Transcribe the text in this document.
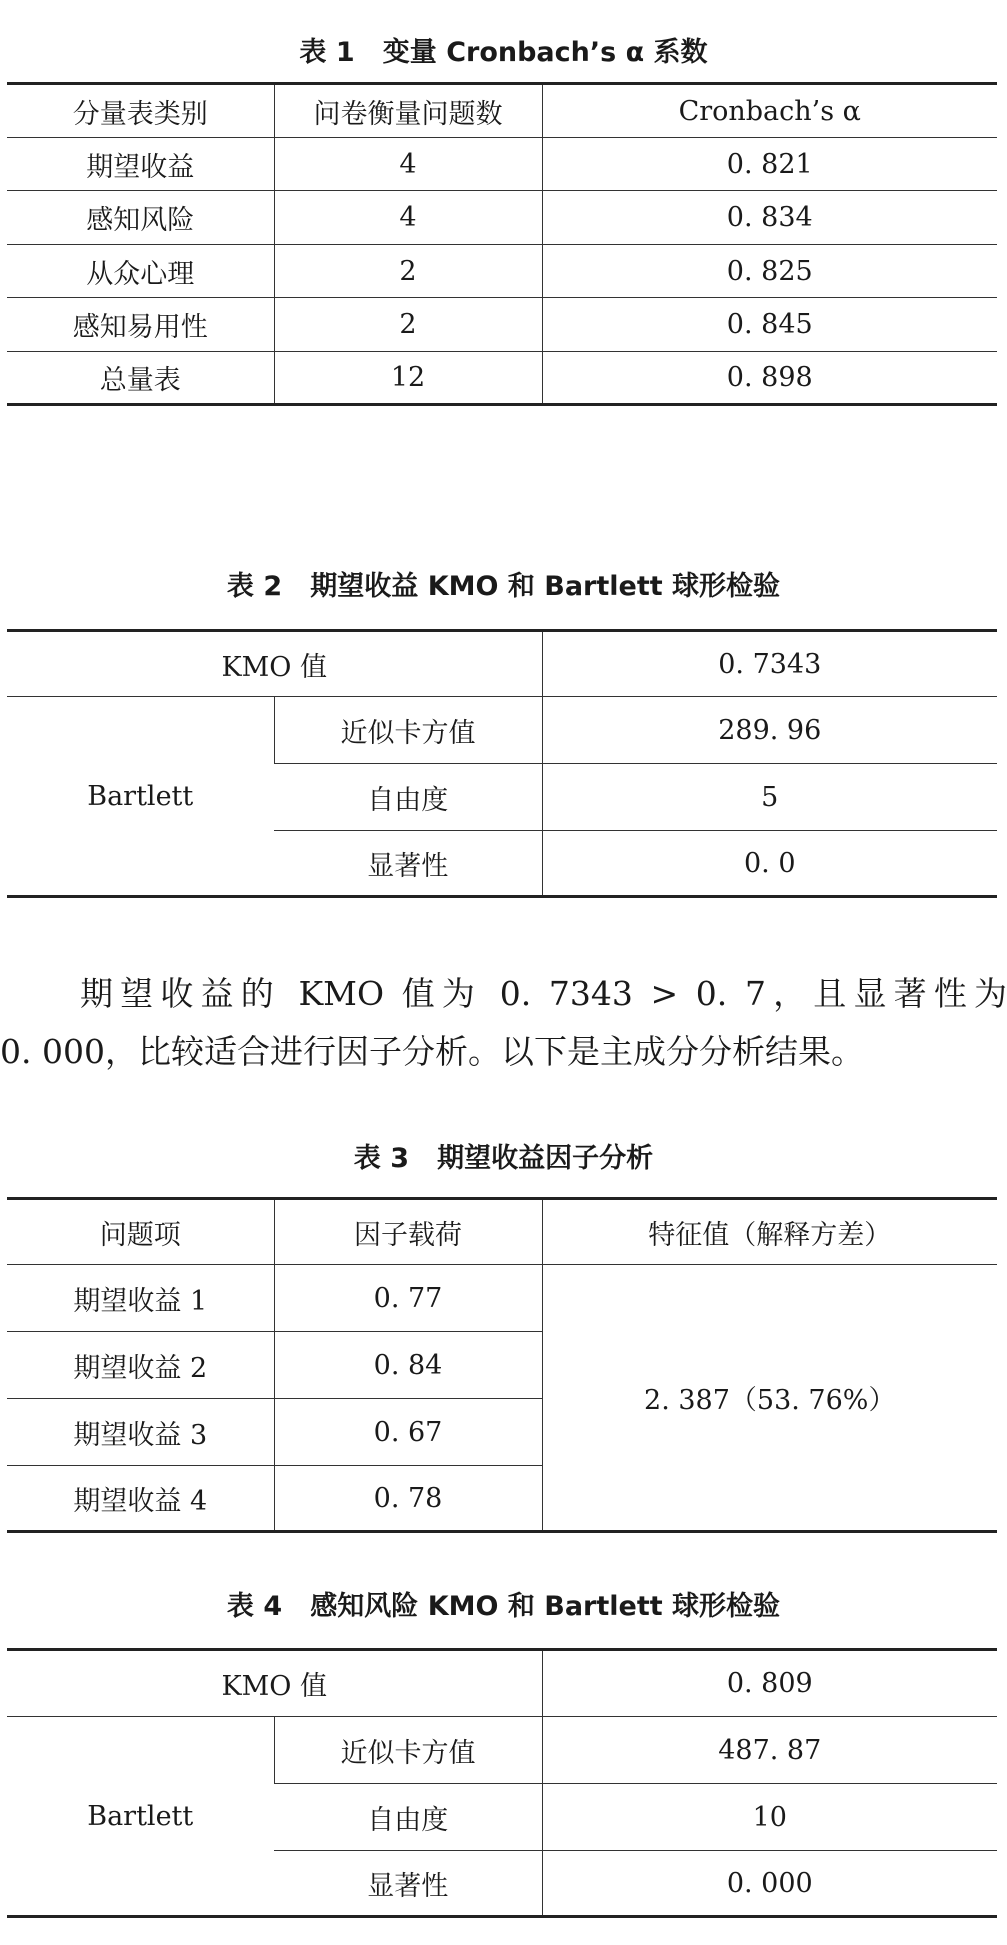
表 1   变量 Cronbach’s α 系数
分量表类别	问卷衡量问题数	Cronbach’s α
期望收益	4	0. 821
感知风险	4	0. 834
从众心理	2	0. 825
感知易用性	2	0. 845
总量表	12	0. 898
表 2   期望收益 KMO 和 Bartlett 球形检验
KMO 值		0. 7343
Bartlett	近似卡方值	289. 96
	自由度	5
	显著性	0. 0
期望收益的 KMO 值为 0. 7343 > 0. 7，且显著性为
0. 000，比较适合进行因子分析。以下是主成分分析结果。
表 3   期望收益因子分析
问题项	因子载荷	特征值（解释方差）
期望收益 1	0. 77	2. 387（53. 76%）
期望收益 2	0. 84	
期望收益 3	0. 67	
期望收益 4	0. 78	
表 4   感知风险 KMO 和 Bartlett 球形检验
KMO 值		0. 809
Bartlett	近似卡方值	487. 87
	自由度	10
	显著性	0. 000
